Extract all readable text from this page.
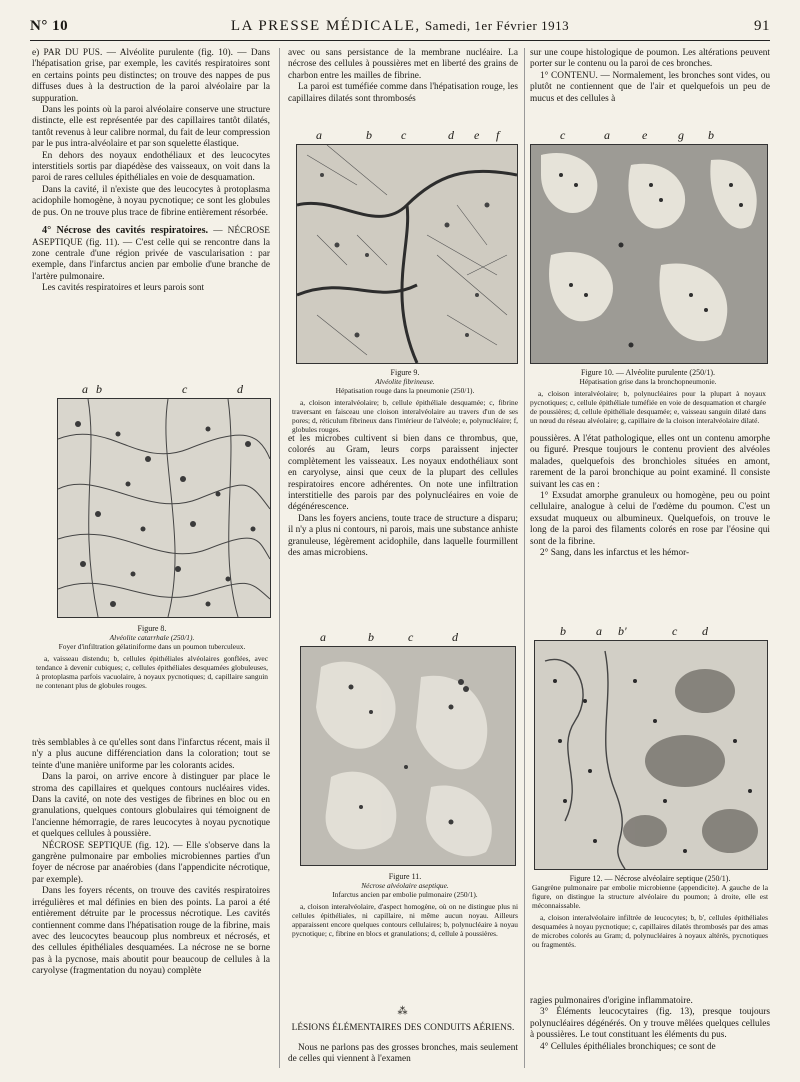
N° 10	LA PRESSE MÉDICALE, Samedi, 1er Février 1913	91

e) PAR DU PUS. — Alvéolite purulente (fig. 10). — Dans l'hépatisation grise, par exemple, les cavités respiratoires sont en certains points peu distinctes; on trouve des nappes de pus diffuses dues à la destruction de la paroi alvéolaire par la suppuration.

Dans les points où la paroi alvéolaire conserve une structure distincte, elle est représentée par des capillaires tantôt dilatés, tantôt revenus à leur calibre normal, du fait de leur compression par le pus intra-alvéolaire et par son squelette élastique.

En dehors des noyaux endothéliaux et des leucocytes interstitiels sortis par diapédèse des vaisseaux, on voit dans la paroi de rares cellules épithéliales en voie de desquamation.

Dans la cavité, il n'existe que des leucocytes à protoplasma acidophile homogène, à noyau pycnotique; ce sont les globules de pus. On ne trouve plus trace de fibrine entièrement résorbée.

4° Nécrose des cavités respiratoires. — NÉCROSE ASEPTIQUE (fig. 11). — C'est celle qui se rencontre dans la zone centrale d'une région privée de vascularisation : par exemple, dans l'infarctus ancien par embolie d'une branche de l'artère pulmonaire.

Les cavités respiratoires et leurs parois sont

très semblables à ce qu'elles sont dans l'infarctus récent, mais il n'y a plus aucune différenciation dans la coloration; tout se teinte d'une manière uniforme par les colorants acides.

Dans la paroi, on arrive encore à distinguer par place le stroma des capillaires et quelques contours nucléaires vides. Dans la cavité, on note des vestiges de fibrines en bloc ou en granulations, quelques contours globulaires qui témoignent de l'ancienne hémorragie, de rares leucocytes à noyau pycnotique et quelques cellules à poussière.

NÉCROSE SEPTIQUE (fig. 12). — Elle s'observe dans la gangrène pulmonaire par embolies microbiennes parties d'un foyer de nécrose par anaérobies (dans l'appendicite nécrotique, par exemple).

Dans les foyers récents, on trouve des cavités respiratoires irrégulières et mal définies en bien des points. La paroi a été entièrement détruite par le processus nécrotique. Les cavités contiennent comme dans l'hépatisation rouge de la fibrine, mais avec des leucocytes beaucoup plus nombreux et nécrosés, et des cellules épithéliales desquamées. La nécrose ne se borne pas à la pycnose, mais aboutit pour beaucoup de cellules à la caryolyse (fragmentation du noyau) complète

a b	c	d
Figure 8.
Alvéolite catarrhale (250/1).
Foyer d'infiltration gélatiniforme dans un poumon tuberculeux.
a, vaisseau distendu; b, cellules épithéliales alvéolaires gonflées, avec tendance à devenir cubiques; c, cellules épithéliales desquamées globuleuses, à protoplasma parfois vacuolaire, à noyaux pycnotiques; d, capillaire sanguin ne contenant plus de globules rouges.

avec ou sans persistance de la membrane nucléaire. La nécrose des cellules à poussières met en liberté des grains de charbon entre les mailles de fibrine.

La paroi est tuméfiée comme dans l'hépatisation rouge, les capillaires dilatés sont thrombosés

a	b c	d e f
Figure 9.
Alvéolite fibrineuse.
Hépatisation rouge dans la pneumonie (250/1).
a, cloison interalvéolaire; b, cellule épithéliale desquamée; c, fibrine traversant en faisceau une cloison interalvéolaire au travers d'un de ses pores; d, réticulum fibrineux dans l'intérieur de l'alvéole; e, polynucléaire; f, globules rouges.

et les microbes cultivent si bien dans ce thrombus, que, colorés au Gram, leurs corps paraissent injecter complètement les vaisseaux. Les noyaux endothéliaux sont en caryolyse, ainsi que ceux de la plupart des cellules respiratoires encore adhérentes. On note une infiltration interstitielle des parois par des polynucléaires en voie de dégénérescence.

Dans les foyers anciens, toute trace de structure a disparu; il n'y a plus ni contours, ni parois, mais une substance anhiste granuleuse, légèrement acidophile, dans laquelle fourmillent des amas microbiens.

a	b	c	d
Figure 11.
Nécrose alvéolaire aseptique.
Infarctus ancien par embolie pulmonaire (250/1).
a, cloison interalvéolaire, d'aspect homogène, où on ne distingue plus ni cellules épithéliales, ni capillaire, ni même aucun noyau. Ailleurs apparaissent encore quelques contours cellulaires; b, polynucléaire à noyau pycnotique; c, fibrine en blocs et granulations; d, cellule à poussières.
⁂
LÉSIONS ÉLÉMENTAIRES DES CONDUITS AÉRIENS.

Nous ne parlons pas des grosses bronches, mais seulement de celles qui viennent à l'examen

sur une coupe histologique de poumon. Les altérations peuvent porter sur le contenu ou la paroi de ces bronches.

1° CONTENU. — Normalement, les bronches sont vides, ou plutôt ne contiennent que de l'air et quelquefois un peu de mucus et des cellules à

c	a	e	g b
Figure 10. — Alvéolite purulente (250/1).
Hépatisation grise dans la bronchopneumonie.
a, cloison interalvéolaire; b, polynucléaires pour la plupart à noyaux pycnotiques; c, cellule épithéliale tuméfiée en voie de desquamation et chargée de poussières; d, cellule épithéliale desquamée; e, vaisseau sanguin dilaté dans un nœud du réseau alvéolaire; g, capillaire de la cloison interalvéolaire dilaté.

poussières. A l'état pathologique, elles ont un contenu amorphe ou figuré. Presque toujours le contenu provient des alvéoles malades, quelquefois des bronchioles situées en amont, rarement de la paroi bronchique au point examiné. Il consiste suivant les cas en :

1° Exsudat amorphe granuleux ou homogène, peu ou point cellulaire, analogue à celui de l'œdème du poumon. C'est un exsudat muqueux ou albumineux. Quelquefois, on trouve le long de la paroi des filaments colorés en rose par l'éosine qui sont de la fibrine.

2° Sang, dans les infarctus et les hémor-

b	a b'	c d
Figure 12. — Nécrose alvéolaire septique (250/1).
Gangrène pulmonaire par embolie microbienne (appendicite). A gauche de la figure, on distingue la structure alvéolaire du poumon; à droite, elle est méconnaissable.
a, cloison interalvéolaire infiltrée de leucocytes; b, b', cellules épithéliales desquamées à noyau pycnotique; c, capillaires dilatés thrombosés par des amas de microbes colorés au Gram; d, polynucléaires à noyaux altérés, pycnotiques ou fragmentés.

ragies pulmonaires d'origine inflammatoire.

3° Éléments leucocytaires (fig. 13), presque toujours polynucléaires dégénérés. On y trouve mêlées quelques cellules à poussières. Le tout constituant les éléments du pus.

4° Cellules épithéliales bronchiques; ce sont de
